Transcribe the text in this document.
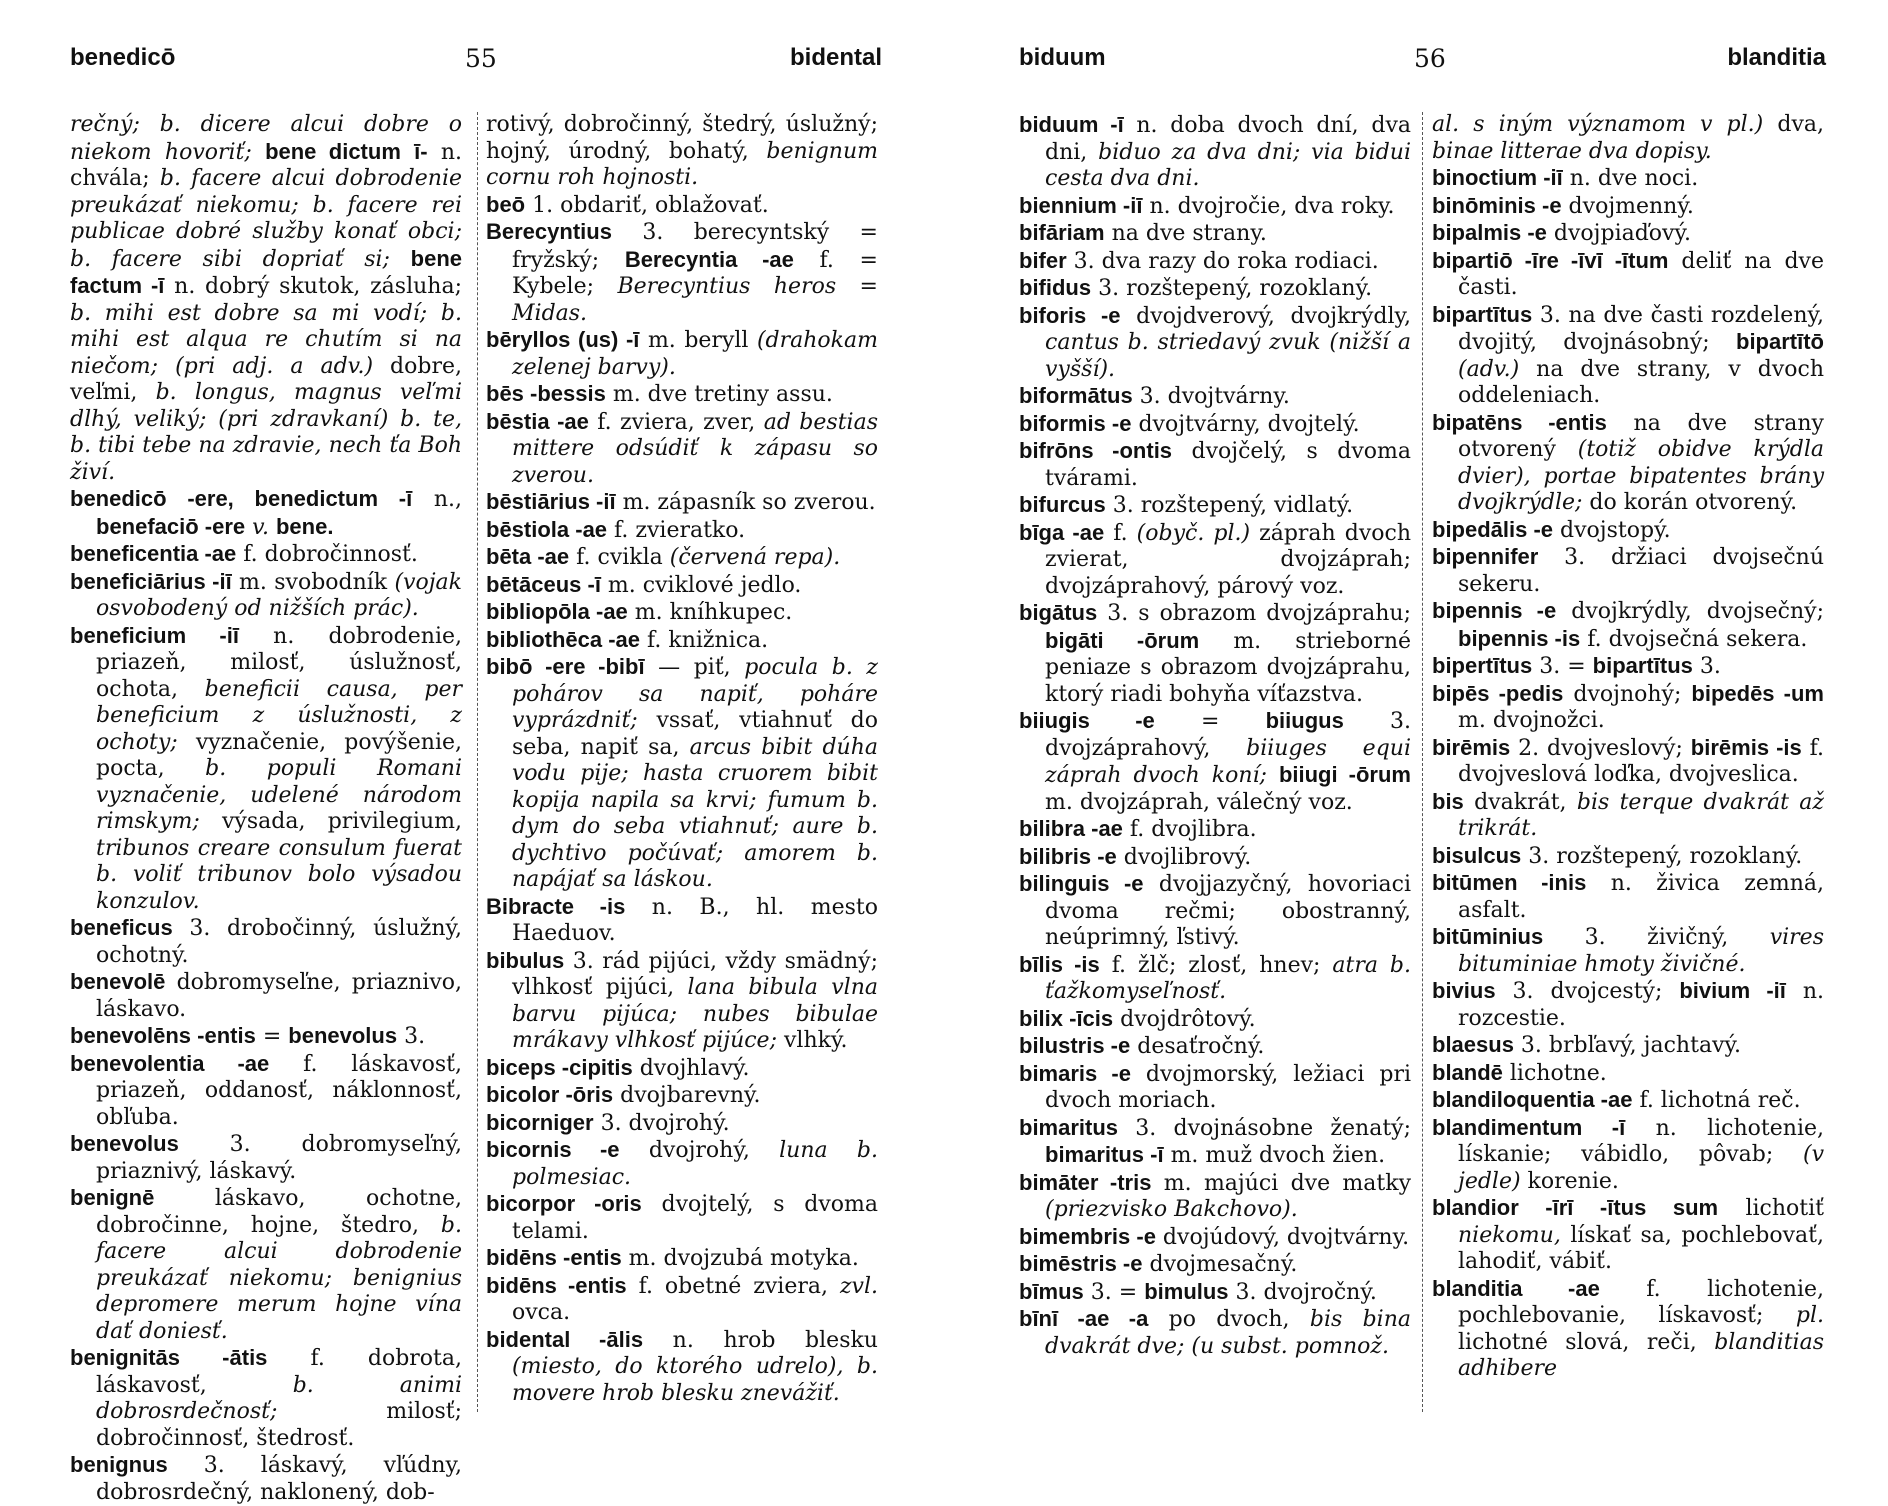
benedicō	55	bidental

rečný; b. dicere alcui dobre o niekom hovoriť; bene dictum ī- n. chvála; b. facere alcui dobrodenie preukázať niekomu; b. facere rei publicae dobré služby konať obci; b. facere sibi dopriať si; bene factum -ī n. dobrý skutok, zásluha; b. mihi est dobre sa mi vodí; b. mihi est alqua re chutím si na niečom; (pri adj. a adv.) dobre, veľmi, b. longus, magnus veľmi dlhý, veliký; (pri zdravkaní) b. te, b. tibi tebe na zdravie, nech ťa Boh živí.

benedicō -ere, benedictum -ī n., benefaciō -ere v. bene.

beneficentia -ae f. dobročinnosť.

beneficiārius -iī m. svobodník (vojak osvobodený od nižších prác).

beneficium -iī n. dobrodenie, priazeň, milosť, úslužnosť, ochota, beneficii causa, per beneficium z úslužnosti, z ochoty; vyznačenie, povýšenie, pocta, b. populi Romani vyznačenie, udelené národom rimskym; výsada, privilegium, tribunos creare consulum fuerat b. voliť tribunov bolo výsadou konzulov.

beneficus 3. drobočinný, úslužný, ochotný.

benevolē dobromyseľne, priaznivo, láskavo.

benevolēns -entis = benevolus 3.

benevolentia -ae f. láskavosť, priazeň, oddanosť, náklonnosť, obľuba.

benevolus 3. dobromyseľný, priaznivý, láskavý.

benignē láskavo, ochotne, dobročinne, hojne, štedro, b. facere alcui dobrodenie preukázať niekomu; benignius depromere merum hojne vína dať doniesť.

benignitās -ātis f. dobrota, láskavosť, b. animi dobrosrdečnosť; milosť; dobročinnosť, štedrosť.

benignus 3. láskavý, vľúdny, dobrosrdečný, naklonený, dob-

rotivý, dobročinný, štedrý, úslužný; hojný, úrodný, bohatý, benignum cornu roh hojnosti.

beō 1. obdariť, oblažovať.

Berecyntius 3. berecyntský = fryžský; Berecyntia -ae f. = Kybele; Berecyntius heros = Midas.

bēryllos (us) -ī m. beryll (drahokam zelenej barvy).

bēs -bessis m. dve tretiny assu.

bēstia -ae f. zviera, zver, ad bestias mittere odsúdiť k zápasu so zverou.

bēstiārius -iī m. zápasník so zverou.

bēstiola -ae f. zvieratko.

bēta -ae f. cvikla (červená repa).

bētāceus -ī m. cviklové jedlo.

bibliopōla -ae m. kníhkupec.

bibliothēca -ae f. knižnica.

bibō -ere -bibī — piť, pocula b. z pohárov sa napiť, poháre vyprázdniť; vssať, vtiahnuť do seba, napiť sa, arcus bibit dúha vodu pije; hasta cruorem bibit kopija napila sa krvi; fumum b. dym do seba vtiahnuť; aure b. dychtivo počúvať; amorem b. napájať sa láskou.

Bibracte -is n. B., hl. mesto Haeduov.

bibulus 3. rád pijúci, vždy smädný; vlhkosť pijúci, lana bibula vlna barvu pijúca; nubes bibulae mrákavy vlhkosť pijúce; vlhký.

biceps -cipitis dvojhlavý.

bicolor -ōris dvojbarevný.

bicorniger 3. dvojrohý.

bicornis -e dvojrohý, luna b. polmesiac.

bicorpor -oris dvojtelý, s dvoma telami.

bidēns -entis m. dvojzubá motyka.

bidēns -entis f. obetné zviera, zvl. ovca.

bidental -ālis n. hrob blesku (miesto, do ktorého udrelo), b. movere hrob blesku znevážiť.

biduum	56	blanditia

biduum -ī n. doba dvoch dní, dva dni, biduo za dva dni; via bidui cesta dva dni.

biennium -iī n. dvojročie, dva roky.

bifāriam na dve strany.

bifer 3. dva razy do roka rodiaci.

bifidus 3. rozštepený, rozoklaný.

biforis -e dvojdverový, dvojkrýdly, cantus b. striedavý zvuk (nižší a vyšší).

biformātus 3. dvojtvárny.

biformis -e dvojtvárny, dvojtelý.

bifrōns -ontis dvojčelý, s dvoma tvárami.

bifurcus 3. rozštepený, vidlatý.

bīga -ae f. (obyč. pl.) záprah dvoch zvierat, dvojzáprah; dvojzáprahový, párový voz.

bigātus 3. s obrazom dvojzáprahu; bigāti -ōrum m. strieborné peniaze s obrazom dvojzáprahu, ktorý riadi bohyňa víťazstva.

biiugis -e = biiugus 3. dvojzáprahový, biiuges equi záprah dvoch koní; biiugi -ōrum m. dvojzáprah, válečný voz.

bilibra -ae f. dvojlibra.

bilibris -e dvojlibrový.

bilinguis -e dvojjazyčný, hovoriaci dvoma rečmi; obostranný, neúprimný, ľstivý.

bīlis -is f. žlč; zlosť, hnev; atra b. ťažkomyseľnosť.

bilix -īcis dvojdrôtový.

bilustris -e desaťročný.

bimaris -e dvojmorský, ležiaci pri dvoch moriach.

bimaritus 3. dvojnásobne ženatý; bimaritus -ī m. muž dvoch žien.

bimāter -tris m. majúci dve matky (priezvisko Bakchovo).

bimembris -e dvojúdový, dvojtvárny.

bimēstris -e dvojmesačný.

bīmus 3. = bimulus 3. dvojročný.

bīnī -ae -a po dvoch, bis bina dvakrát dve; (u subst. pomnož.

al. s iným významom v pl.) dva, binae litterae dva dopisy.

binoctium -iī n. dve noci.

binōminis -e dvojmenný.

bipalmis -e dvojpiaďový.

bipartiō -īre -īvī -ītum deliť na dve časti.

bipartītus 3. na dve časti rozdelený, dvojitý, dvojnásobný; bipartītō (adv.) na dve strany, v dvoch oddeleniach.

bipatēns -entis na dve strany otvorený (totiž obidve krýdla dvier), portae bipatentes brány dvojkrýdle; do korán otvorený.

bipedālis -e dvojstopý.

bipennifer 3. držiaci dvojsečnú sekeru.

bipennis -e dvojkrýdly, dvojsečný; bipennis -is f. dvojsečná sekera.

bipertītus 3. = bipartītus 3.

bipēs -pedis dvojnohý; bipedēs -um m. dvojnožci.

birēmis 2. dvojveslový; birēmis -is f. dvojveslová loďka, dvojveslica.

bis dvakrát, bis terque dvakrát až trikrát.

bisulcus 3. rozštepený, rozoklaný.

bitūmen -inis n. živica zemná, asfalt.

bitūminius 3. živičný, vires bituminiae hmoty živičné.

bivius 3. dvojcestý; bivium -iī n. rozcestie.

blaesus 3. brbľavý, jachtavý.

blandē lichotne.

blandiloquentia -ae f. lichotná reč.

blandimentum -ī n. lichotenie, lískanie; vábidlo, pôvab; (v jedle) korenie.

blandior -īrī -ītus sum lichotiť niekomu, lískať sa, pochlebovať, lahodiť, vábiť.

blanditia -ae f. lichotenie, pochlebovanie, lískavosť; pl. lichotné slová, reči, blanditias adhibere
